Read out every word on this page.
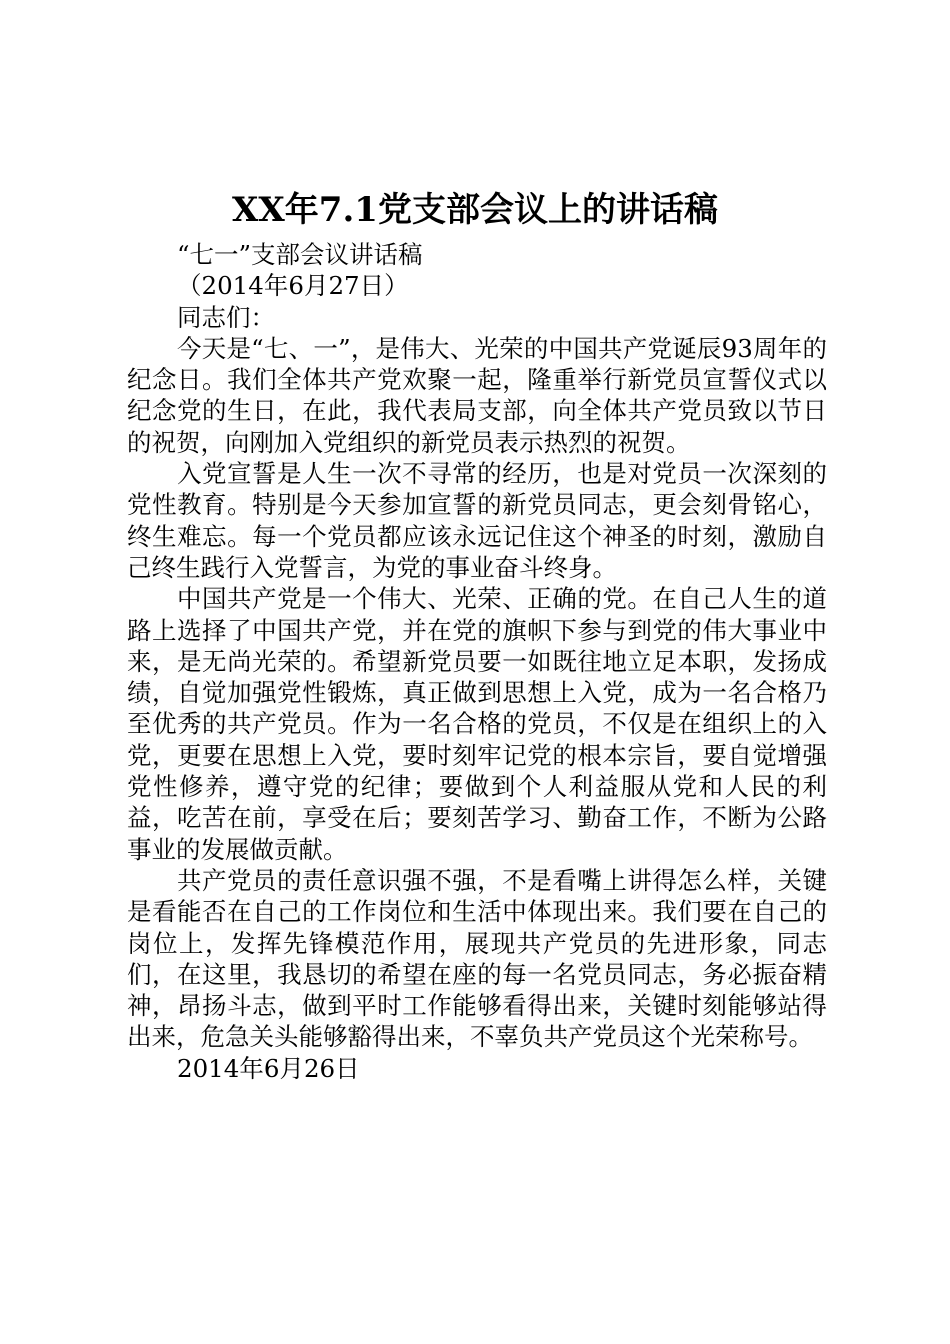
XX年7.1党支部会议上的讲话稿

“七一”支部会议讲话稿

（2014年6月27日）

同志们：

今天是“七、一”，是伟大、光荣的中国共产党诞辰93周年的纪念日。我们全体共产党欢聚一起，隆重举行新党员宣誓仪式以纪念党的生日，在此，我代表局支部，向全体共产党员致以节日的祝贺，向刚加入党组织的新党员表示热烈的祝贺。

入党宣誓是人生一次不寻常的经历，也是对党员一次深刻的党性教育。特别是今天参加宣誓的新党员同志，更会刻骨铭心，终生难忘。每一个党员都应该永远记住这个神圣的时刻，激励自己终生践行入党誓言，为党的事业奋斗终身。

中国共产党是一个伟大、光荣、正确的党。在自己人生的道路上选择了中国共产党，并在党的旗帜下参与到党的伟大事业中来，是无尚光荣的。希望新党员要一如既往地立足本职，发扬成绩，自觉加强党性锻炼，真正做到思想上入党，成为一名合格乃至优秀的共产党员。作为一名合格的党员，不仅是在组织上的入党，更要在思想上入党，要时刻牢记党的根本宗旨，要自觉增强党性修养，遵守党的纪律；要做到个人利益服从党和人民的利益，吃苦在前，享受在后；要刻苦学习、勤奋工作，不断为公路事业的发展做贡献。

共产党员的责任意识强不强，不是看嘴上讲得怎么样，关键是看能否在自己的工作岗位和生活中体现出来。我们要在自己的岗位上，发挥先锋模范作用，展现共产党员的先进形象，同志们，在这里，我恳切的希望在座的每一名党员同志，务必振奋精神，昂扬斗志，做到平时工作能够看得出来，关键时刻能够站得出来，危急关头能够豁得出来，不辜负共产党员这个光荣称号。

2014年6月26日
